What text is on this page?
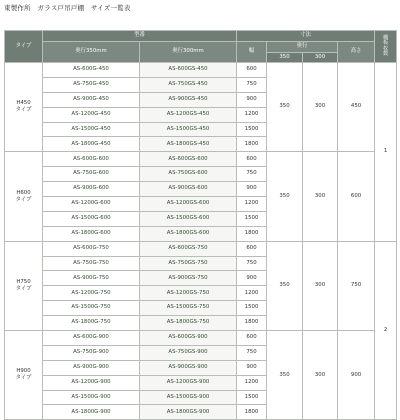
東製作所　ガラス戸吊戸棚　サイズ一覧表
タイプ	型番		寸法				棚
板
枚
数

	奥行350mm	奥行300mm	幅	奥行		高さ	
				350	300		

H450
タイプ	AS-600G-450	AS-600GS-450	600	350	300	450	1
	AS-750G-450	AS-750GS-450	750				
	AS-900G-450	AS-900GS-450	900				
	AS-1200G-450	AS-1200GS-450	1200				
	AS-1500G-450	AS-1500GS-450	1500				
	AS-1800G-450	AS-1800GS-450	1800				

H600
タイプ	AS-600G-600	AS-600GS-600	600	350	300	600	
	AS-750G-600	AS-750GS-600	750				
	AS-900G-600	AS-900GS-600	900				
	AS-1200G-600	AS-1200GS-600	1200				
	AS-1500G-600	AS-1500GS-600	1500				
	AS-1800G-600	AS-1800GS-600	1800				

H750
タイプ	AS-600G-750	AS-600GS-750	600	350	300	750	2
	AS-750G-750	AS-750GS-750	750				
	AS-900G-750	AS-900GS-750	900				
	AS-1200G-750	AS-1200GS-750	1200				
	AS-1500G-750	AS-1500GS-750	1500				
	AS-1800G-750	AS-1800GS-750	1800				

H900
タイプ	AS-600G-900	AS-600GS-900	600	350	300	900	
	AS-750G-900	AS-750GS-900	750				
	AS-900G-900	AS-900GS-900	900				
	AS-1200G-900	AS-1200GS-900	1200				
	AS-1500G-900	AS-1500GS-900	1500				
	AS-1800G-900	AS-1800GS-900	1800				
